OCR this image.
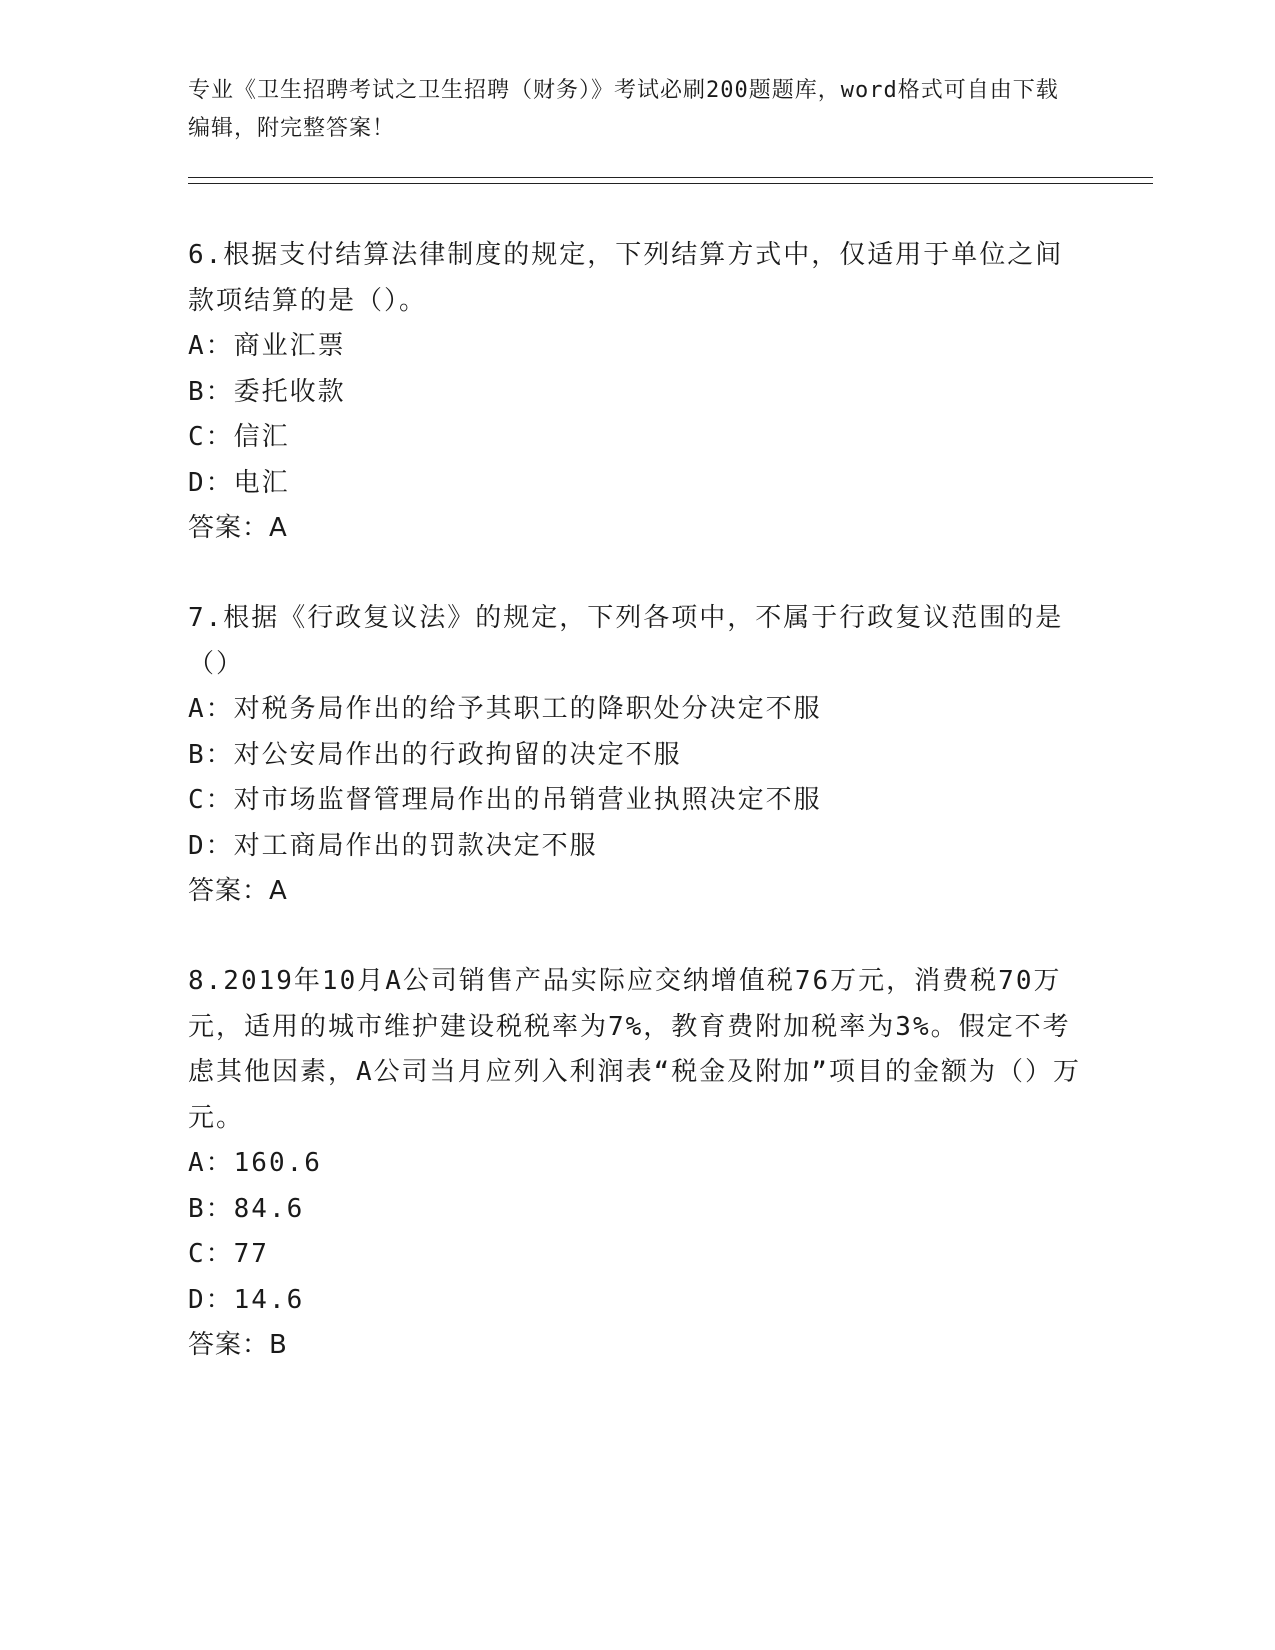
专业《卫生招聘考试之卫生招聘（财务）》考试必刷200题题库，word格式可自由下载编辑，附完整答案！

6.根据支付结算法律制度的规定，下列结算方式中，仅适用于单位之间款项结算的是（）。

A：商业汇票

B：委托收款

C：信汇

D：电汇

答案：A

7.根据《行政复议法》的规定，下列各项中，不属于行政复议范围的是（）

A：对税务局作出的给予其职工的降职处分决定不服

B：对公安局作出的行政拘留的决定不服

C：对市场监督管理局作出的吊销营业执照决定不服

D：对工商局作出的罚款决定不服

答案：A

8.2019年10月A公司销售产品实际应交纳增值税76万元，消费税70万元，适用的城市维护建设税税率为7%，教育费附加税率为3%。假定不考虑其他因素，A公司当月应列入利润表“税金及附加”项目的金额为（）万元。

A：160.6

B：84.6

C：77

D：14.6

答案：B
